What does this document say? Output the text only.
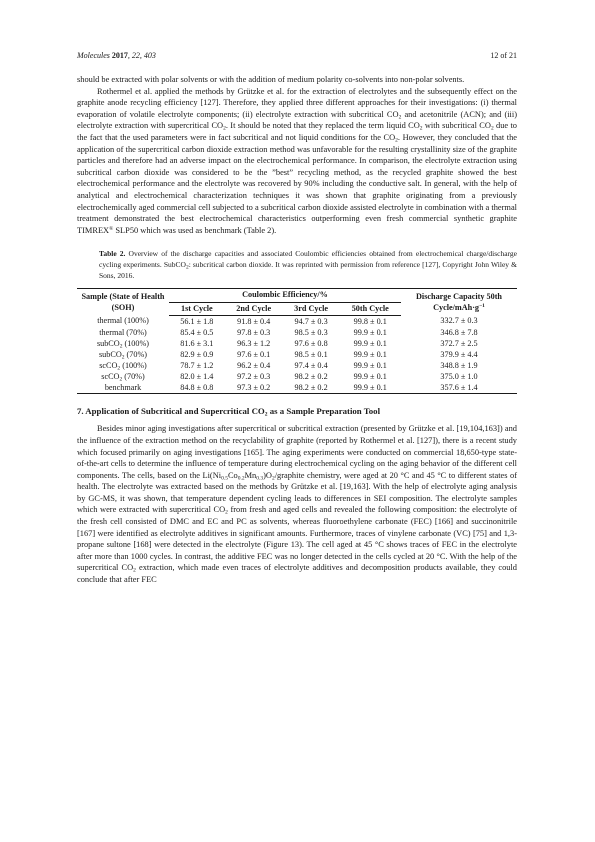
Molecules 2017, 22, 403	12 of 21

should be extracted with polar solvents or with the addition of medium polarity co-solvents into non-polar solvents.

Rothermel et al. applied the methods by Grützke et al. for the extraction of electrolytes and the subsequently effect on the graphite anode recycling efficiency [127]. Therefore, they applied three different approaches for their investigations: (i) thermal evaporation of volatile electrolyte components; (ii) electrolyte extraction with subcritical $CO_2$ and acetonitrile (ACN); and (iii) electrolyte extraction with supercritical $CO_2$. It should be noted that they replaced the term liquid $CO_2$ with subcritical $CO_2$ due to the fact that the used parameters were in fact subcritical and not liquid conditions for the $CO_2$. However, they concluded that the application of the supercritical carbon dioxide extraction method was unfavorable for the resulting crystallinity size of the graphite particles and therefore had an adverse impact on the electrochemical performance. In comparison, the electrolyte extraction using subcritical carbon dioxide was considered to be the ”best” recycling method, as the recycled graphite showed the best electrochemical performance and the electrolyte was recovered by 90% including the conductive salt. In general, with the help of analytical and electrochemical characterization techniques it was shown that graphite originating from a previously electrochemically aged commercial cell subjected to a subcritical carbon dioxide assisted electrolyte in combination with a thermal treatment demonstrated the best electrochemical characteristics outperforming even fresh commercial synthetic graphite TIMREX® SLP50 which was used as benchmark (Table 2).

Table 2. Overview of the discharge capacities and associated Coulombic efficiencies obtained from electrochemical charge/discharge cycling experiments. SubCO$_2$: subcritical carbon dioxide. It was reprinted with permission from reference [127], Copyright John Wiley & Sons, 2016.
Sample (State of Health (SOH)	Coulombic Efficiency/%				Discharge Capacity 50th Cycle/$mAh\cdot g^{-1}$
	1st Cycle	2nd Cycle	3rd Cycle	50th Cycle	
thermal (100%)	56.1 ± 1.8	91.8 ± 0.4	94.7 ± 0.3	99.8 ± 0.1	332.7 ± 0.3
thermal (70%)	85.4 ± 0.5	97.8 ± 0.3	98.5 ± 0.3	99.9 ± 0.1	346.8 ± 7.8
subCO$_2$ (100%)	81.6 ± 3.1	96.3 ± 1.2	97.6 ± 0.8	99.9 ± 0.1	372.7 ± 2.5
subCO$_2$ (70%)	82.9 ± 0.9	97.6 ± 0.1	98.5 ± 0.1	99.9 ± 0.1	379.9 ± 4.4
scCO$_2$ (100%)	78.7 ± 1.2	96.2 ± 0.4	97.4 ± 0.4	99.9 ± 0.1	348.8 ± 1.9
scCO$_2$ (70%)	82.0 ± 1.4	97.2 ± 0.3	98.2 ± 0.2	99.9 ± 0.1	375.0 ± 1.0
benchmark	84.8 ± 0.8	97.3 ± 0.2	98.2 ± 0.2	99.9 ± 0.1	357.6 ± 1.4
7. Application of Subcritical and Supercritical $CO_2$ as a Sample Preparation Tool

Besides minor aging investigations after supercritical or subcritical extraction (presented by Grützke et al. [19,104,163]) and the influence of the extraction method on the recyclability of graphite (reported by Rothermel et al. [127]), there is a recent study which focused primarily on aging investigations [165]. The aging experiments were conducted on commercial 18,650-type state-of-the-art cells to determine the influence of temperature during electrochemical cycling on the aging behavior of the different cell components. The cells, based on the $Li(Ni_{0.5}Co_{0.2}Mn_{0.3})O_2$/graphite chemistry, were aged at 20 °C and 45 °C to different states of health. The electrolyte was extracted based on the methods by Grützke et al. [19,163]. With the help of electrolyte aging analysis by GC-MS, it was shown, that temperature dependent cycling leads to differences in SEI composition. The electrolyte samples which were extracted with supercritical $CO_2$ from fresh and aged cells and revealed the following composition: the electrolyte of the fresh cell consisted of DMC and EC and PC as solvents, whereas fluoroethylene carbonate (FEC) [166] and succinonitrile [167] were identified as electrolyte additives in significant amounts. Furthermore, traces of vinylene carbonate (VC) [75] and 1,3-propane sultone [168] were detected in the electrolyte (Figure 13). The cell aged at 45 °C shows traces of FEC in the electrolyte after more than 1000 cycles. In contrast, the additive FEC was no longer detected in the cells cycled at 20 °C. With the help of the supercritical $CO_2$ extraction, which made even traces of electrolyte additives and decomposition products available, they could conclude that after FEC
